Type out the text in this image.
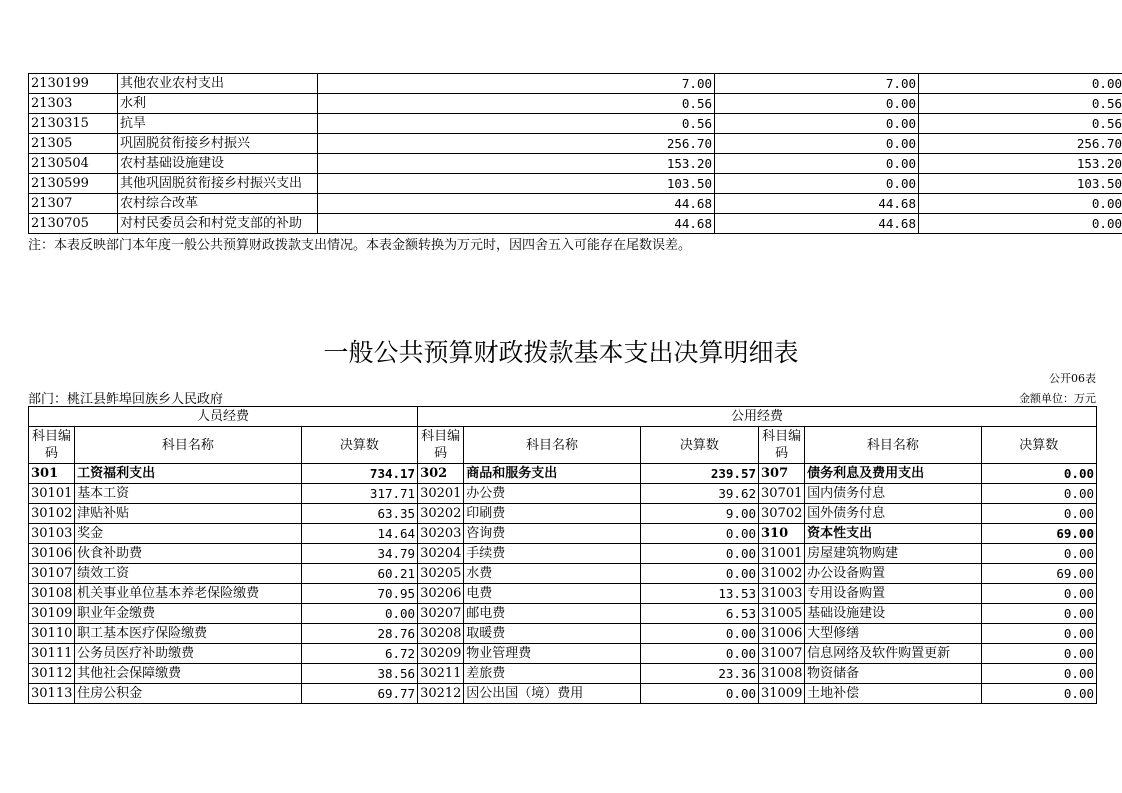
2130199	其他农业农村支出	7.00	7.00	0.00
21303	水利	0.56	0.00	0.56
2130315	抗旱	0.56	0.00	0.56
21305	巩固脱贫衔接乡村振兴	256.70	0.00	256.70
2130504	农村基础设施建设	153.20	0.00	153.20
2130599	其他巩固脱贫衔接乡村振兴支出	103.50	0.00	103.50
21307	农村综合改革	44.68	44.68	0.00
2130705	对村民委员会和村党支部的补助	44.68	44.68	0.00
注：本表反映部门本年度一般公共预算财政拨款支出情况。本表金额转换为万元时，因四舍五入可能存在尾数误差。
一般公共预算财政拨款基本支出决算明细表
公开06表
部门：桃江县鲊埠回族乡人民政府	金额单位：万元
人员经费			公用经费					
科目编码	科目名称	决算数	科目编码	科目名称	决算数	科目编码	科目名称	决算数
301	工资福利支出	734.17	302	商品和服务支出	239.57	307	债务利息及费用支出	0.00
30101	基本工资	317.71	30201	办公费	39.62	30701	国内债务付息	0.00
30102	津贴补贴	63.35	30202	印刷费	9.00	30702	国外债务付息	0.00
30103	奖金	14.64	30203	咨询费	0.00	310	资本性支出	69.00
30106	伙食补助费	34.79	30204	手续费	0.00	31001	房屋建筑物购建	0.00
30107	绩效工资	60.21	30205	水费	0.00	31002	办公设备购置	69.00
30108	机关事业单位基本养老保险缴费	70.95	30206	电费	13.53	31003	专用设备购置	0.00
30109	职业年金缴费	0.00	30207	邮电费	6.53	31005	基础设施建设	0.00
30110	职工基本医疗保险缴费	28.76	30208	取暖费	0.00	31006	大型修缮	0.00
30111	公务员医疗补助缴费	6.72	30209	物业管理费	0.00	31007	信息网络及软件购置更新	0.00
30112	其他社会保障缴费	38.56	30211	差旅费	23.36	31008	物资储备	0.00
30113	住房公积金	69.77	30212	因公出国（境）费用	0.00	31009	土地补偿	0.00
